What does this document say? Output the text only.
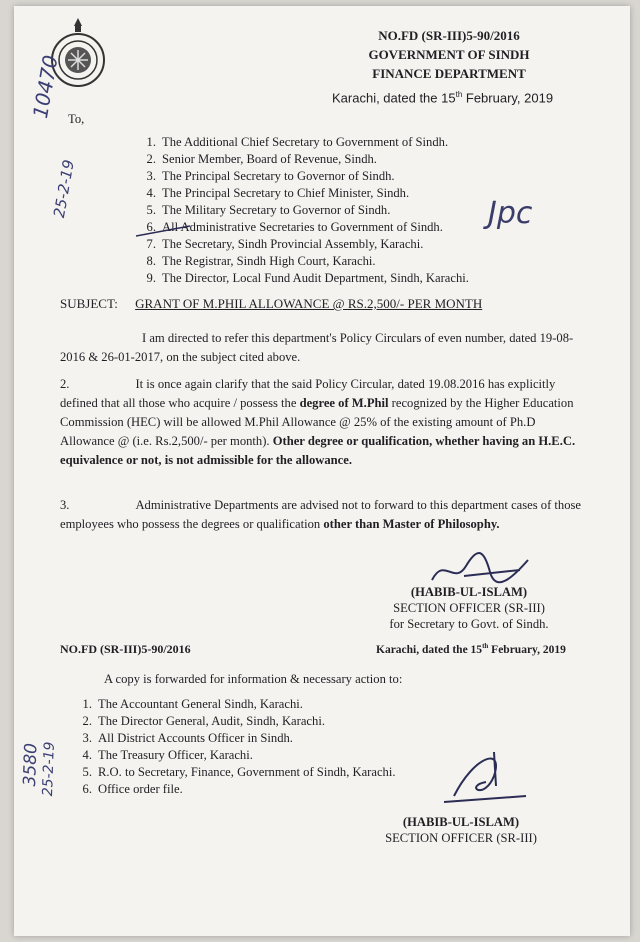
NO.FD (SR-III)5-90/2016
GOVERNMENT OF SINDH
FINANCE DEPARTMENT
Karachi, dated the 15th February, 2019
To,
1. The Additional Chief Secretary to Government of Sindh.
2. Senior Member, Board of Revenue, Sindh.
3. The Principal Secretary to Governor of Sindh.
4. The Principal Secretary to Chief Minister, Sindh.
5. The Military Secretary to Governor of Sindh.
6. All Administrative Secretaries to Government of Sindh.
7. The Secretary, Sindh Provincial Assembly, Karachi.
8. The Registrar, Sindh High Court, Karachi.
9. The Director, Local Fund Audit Department, Sindh, Karachi.
SUBJECT: GRANT OF M.PHIL ALLOWANCE @ RS.2,500/- PER MONTH
I am directed to refer this department's Policy Circulars of even number, dated 19-08-2016 & 26-01-2017, on the subject cited above.
2.	It is once again clarify that the said Policy Circular, dated 19.08.2016 has explicitly defined that all those who acquire / possess the degree of M.Phil recognized by the Higher Education Commission (HEC) will be allowed M.Phil Allowance @ 25% of the existing amount of Ph.D Allowance @ (i.e. Rs.2,500/- per month). Other degree or qualification, whether having an H.E.C. equivalence or not, is not admissible for the allowance.
3.	Administrative Departments are advised not to forward to this department cases of those employees who possess the degrees or qualification other than Master of Philosophy.
(HABIB-UL-ISLAM)
SECTION OFFICER (SR-III)
for Secretary to Govt. of Sindh.
NO.FD (SR-III)5-90/2016	Karachi, dated the 15th February, 2019
A copy is forwarded for information & necessary action to:
1. The Accountant General Sindh, Karachi.
2. The Director General, Audit, Sindh, Karachi.
3. All District Accounts Officer in Sindh.
4. The Treasury Officer, Karachi.
5. R.O. to Secretary, Finance, Government of Sindh, Karachi.
6. Office order file.
(HABIB-UL-ISLAM)
SECTION OFFICER (SR-III)
10470
25-2-19	Jpc
3580
25-2-19
